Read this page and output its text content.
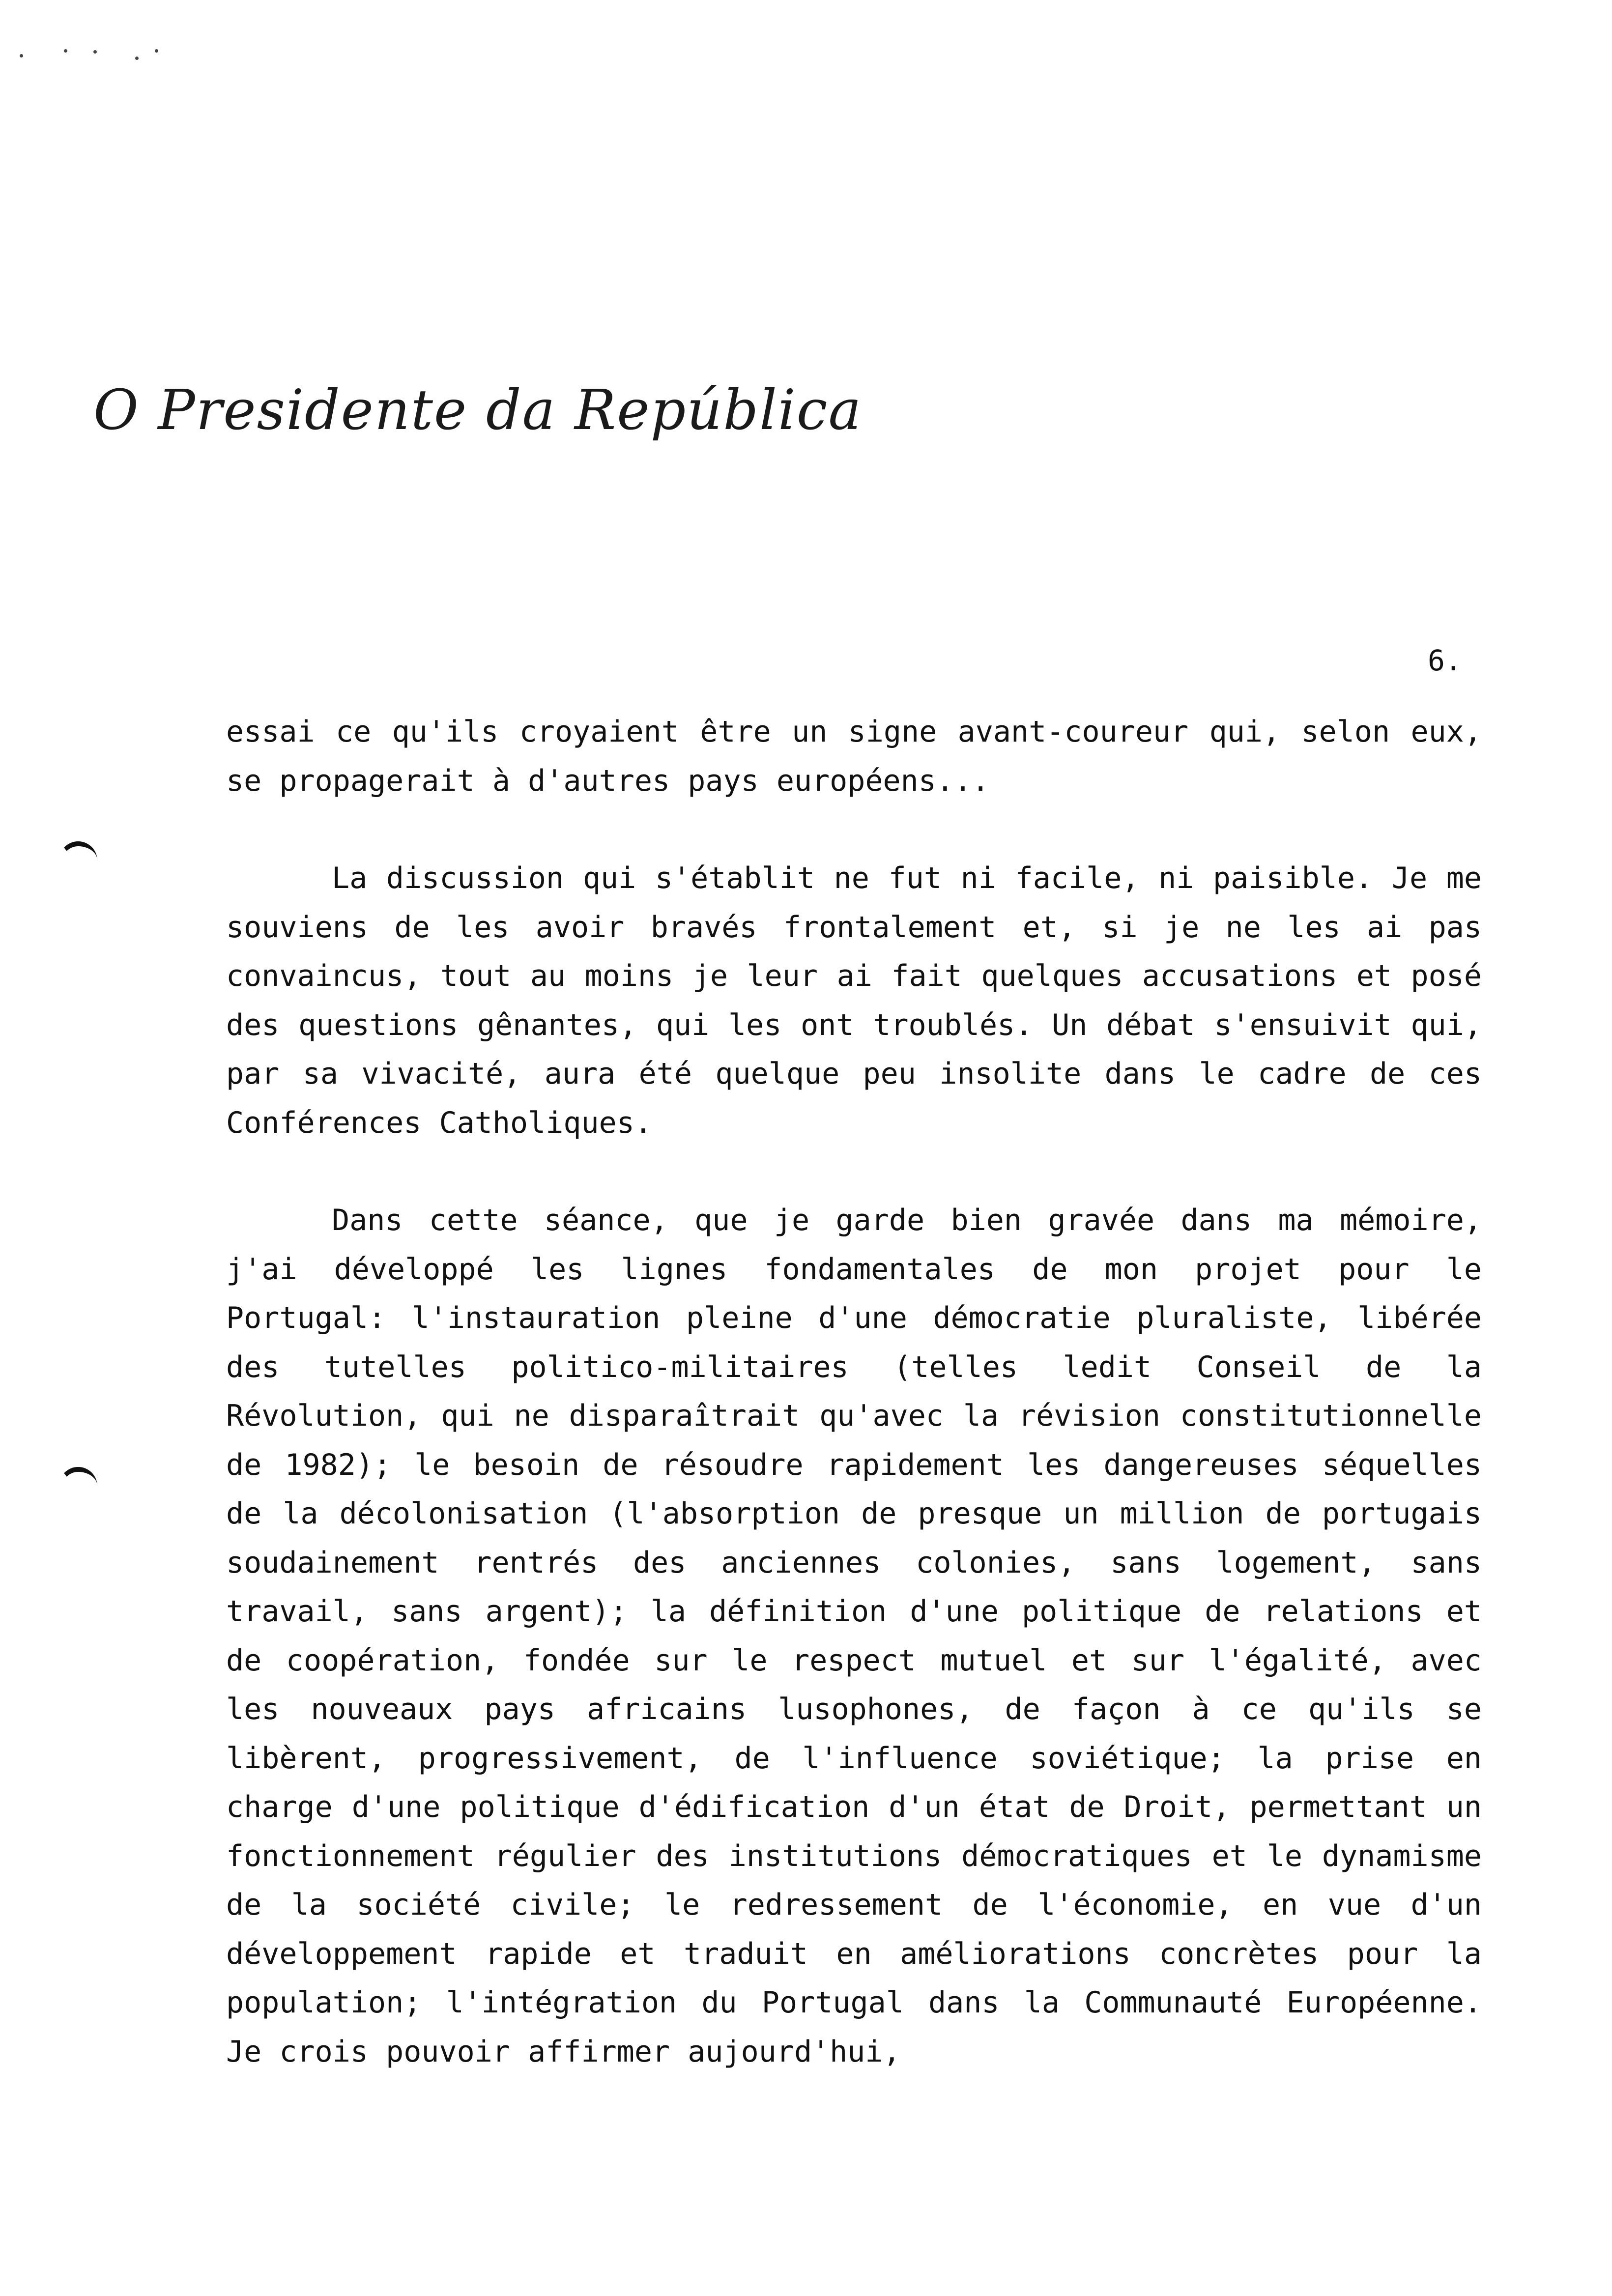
O Presidente da República
6.

essai ce qu'ils croyaient être un signe avant-coureur qui, selon eux, se propagerait à d'autres pays européens...

La discussion qui s'établit ne fut ni facile, ni paisible. Je me souviens de les avoir bravés frontalement et, si je ne les ai pas convaincus, tout au moins je leur ai fait quelques accusations et posé des questions gênantes, qui les ont troublés. Un débat s'ensuivit qui, par sa vivacité, aura été quelque peu insolite dans le cadre de ces Conférences Catholiques.

Dans cette séance, que je garde bien gravée dans ma mémoire, j'ai développé les lignes fondamentales de mon projet pour le Portugal: l'instauration pleine d'une démocratie pluraliste, libérée des tutelles politico-militaires (telles ledit Conseil de la Révolution, qui ne disparaîtrait qu'avec la révision constitutionnelle de 1982); le besoin de résoudre rapidement les dangereuses séquelles de la décolonisation (l'absorption de presque un million de portugais soudainement rentrés des anciennes colonies, sans logement, sans travail, sans argent); la définition d'une politique de relations et de coopération, fondée sur le respect mutuel et sur l'égalité, avec les nouveaux pays africains lusophones, de façon à ce qu'ils se libèrent, progressivement, de l'influence soviétique; la prise en charge d'une politique d'édification d'un état de Droit, permettant un fonctionnement régulier des institutions démocratiques et le dynamisme de la société civile; le redressement de l'économie, en vue d'un développement rapide et traduit en améliorations concrètes pour la population; l'intégration du Portugal dans la Communauté Européenne. Je crois pouvoir affirmer aujourd'hui,
